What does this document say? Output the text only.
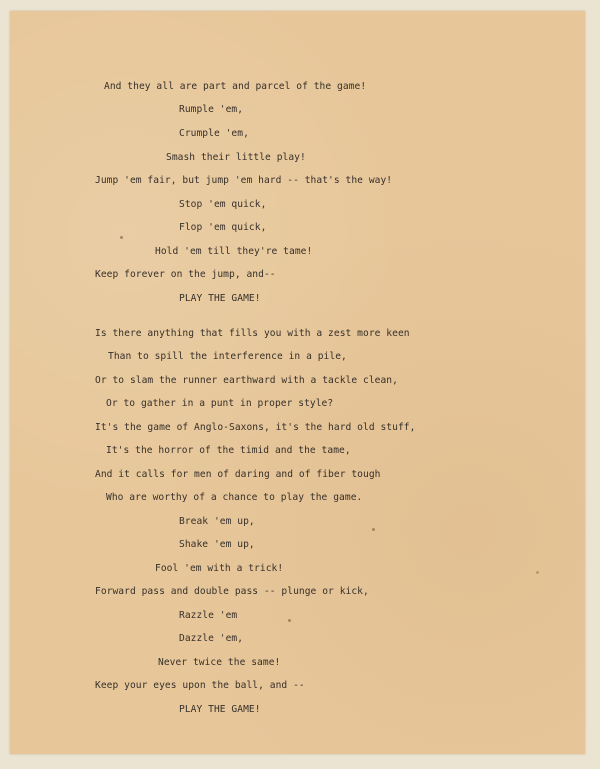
And they all are part and parcel of the game!
Rumple 'em,
Crumple 'em,
Smash their little play!
Jump 'em fair, but jump 'em hard -- that's the way!
Stop 'em quick,
Flop 'em quick,
Hold 'em till they're tame!
Keep forever on the jump, and--
PLAY THE GAME!
Is there anything that fills you with a zest more keen
Than to spill the interference in a pile,
Or to slam the runner earthward with a tackle clean,
Or to gather in a punt in proper style?
It's the game of Anglo-Saxons, it's the hard old stuff,
It's the horror of the timid and the tame,
And it calls for men of daring and of fiber tough
Who are worthy of a chance to play the game.
Break 'em up,
Shake 'em up,
Fool 'em with a trick!
Forward pass and double pass -- plunge or kick,
Razzle 'em
Dazzle 'em,
Never twice the same!
Keep your eyes upon the ball, and --
PLAY THE GAME!
